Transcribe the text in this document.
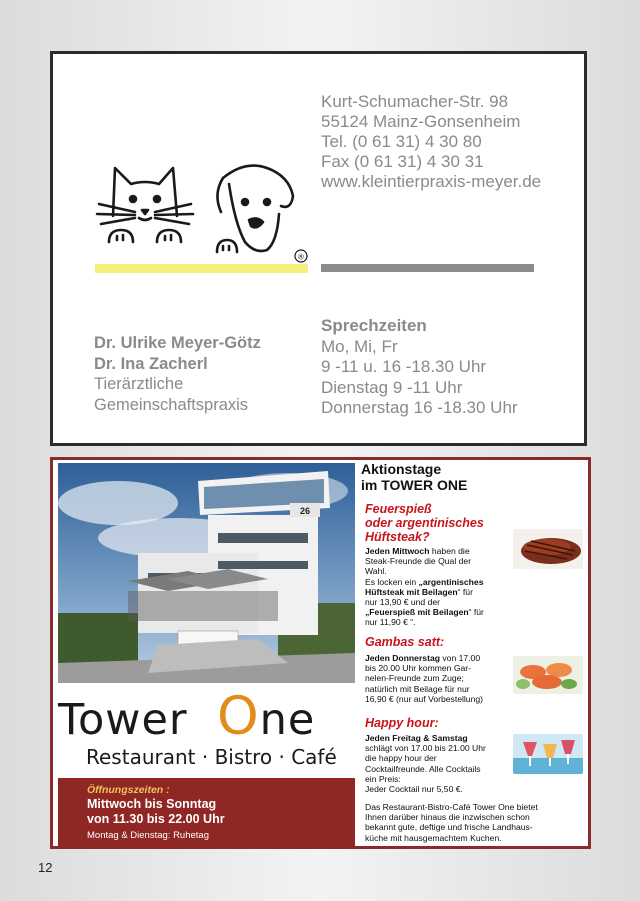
Kurt-Schumacher-Str. 98
55124 Mainz-Gonsenheim
Tel. (0 61 31) 4 30 80
Fax (0 61 31) 4 30 31
www.kleintierpraxis-meyer.de
®
Dr. Ulrike Meyer-Götz
Dr. Ina Zacherl
Tierärztliche
Gemeinschaftspraxis
Sprechzeiten
Mo, Mi, Fr
9 -11 u. 16 -18.30 Uhr
Dienstag 9 -11 Uhr
Donnerstag 16 -18.30 Uhr
26
Tower One
Restaurant · Bistro · Café
Öffnungszeiten :
Mittwoch bis Sonntag
von 11.30 bis 22.00 Uhr
Montag & Dienstag: Ruhetag
Aktionstage
im TOWER ONE
Feuerspieß
oder argentinisches
Hüftsteak?
Jeden Mittwoch haben die
Steak-Freunde die Qual der
Wahl.
Es locken ein „argentinisches
Hüftsteak mit Beilagen“ für
nur 13,90 € und der
„Feuerspieß mit Beilagen“ für
nur 11,90 € “.
Gambas satt:
Jeden Donnerstag von 17.00
bis 20.00 Uhr kommen Gar-
nelen-Freunde zum Zuge;
natürlich mit Beilage für nur
16,90 € (nur auf Vorbestellung)
Happy hour:
Jeden Freitag & Samstag
schlägt von 17.00 bis 21.00 Uhr
die happy hour der
Cocktailfreunde. Alle Cocktails
ein Preis:
Jeder Cocktail nur 5,50 €.
Das Restaurant-Bistro-Café Tower One bietet
Ihnen darüber hinaus die inzwischen schon
bekannt gute, deftige und frische Landhaus-
küche mit hausgemachtem Kuchen.
12
